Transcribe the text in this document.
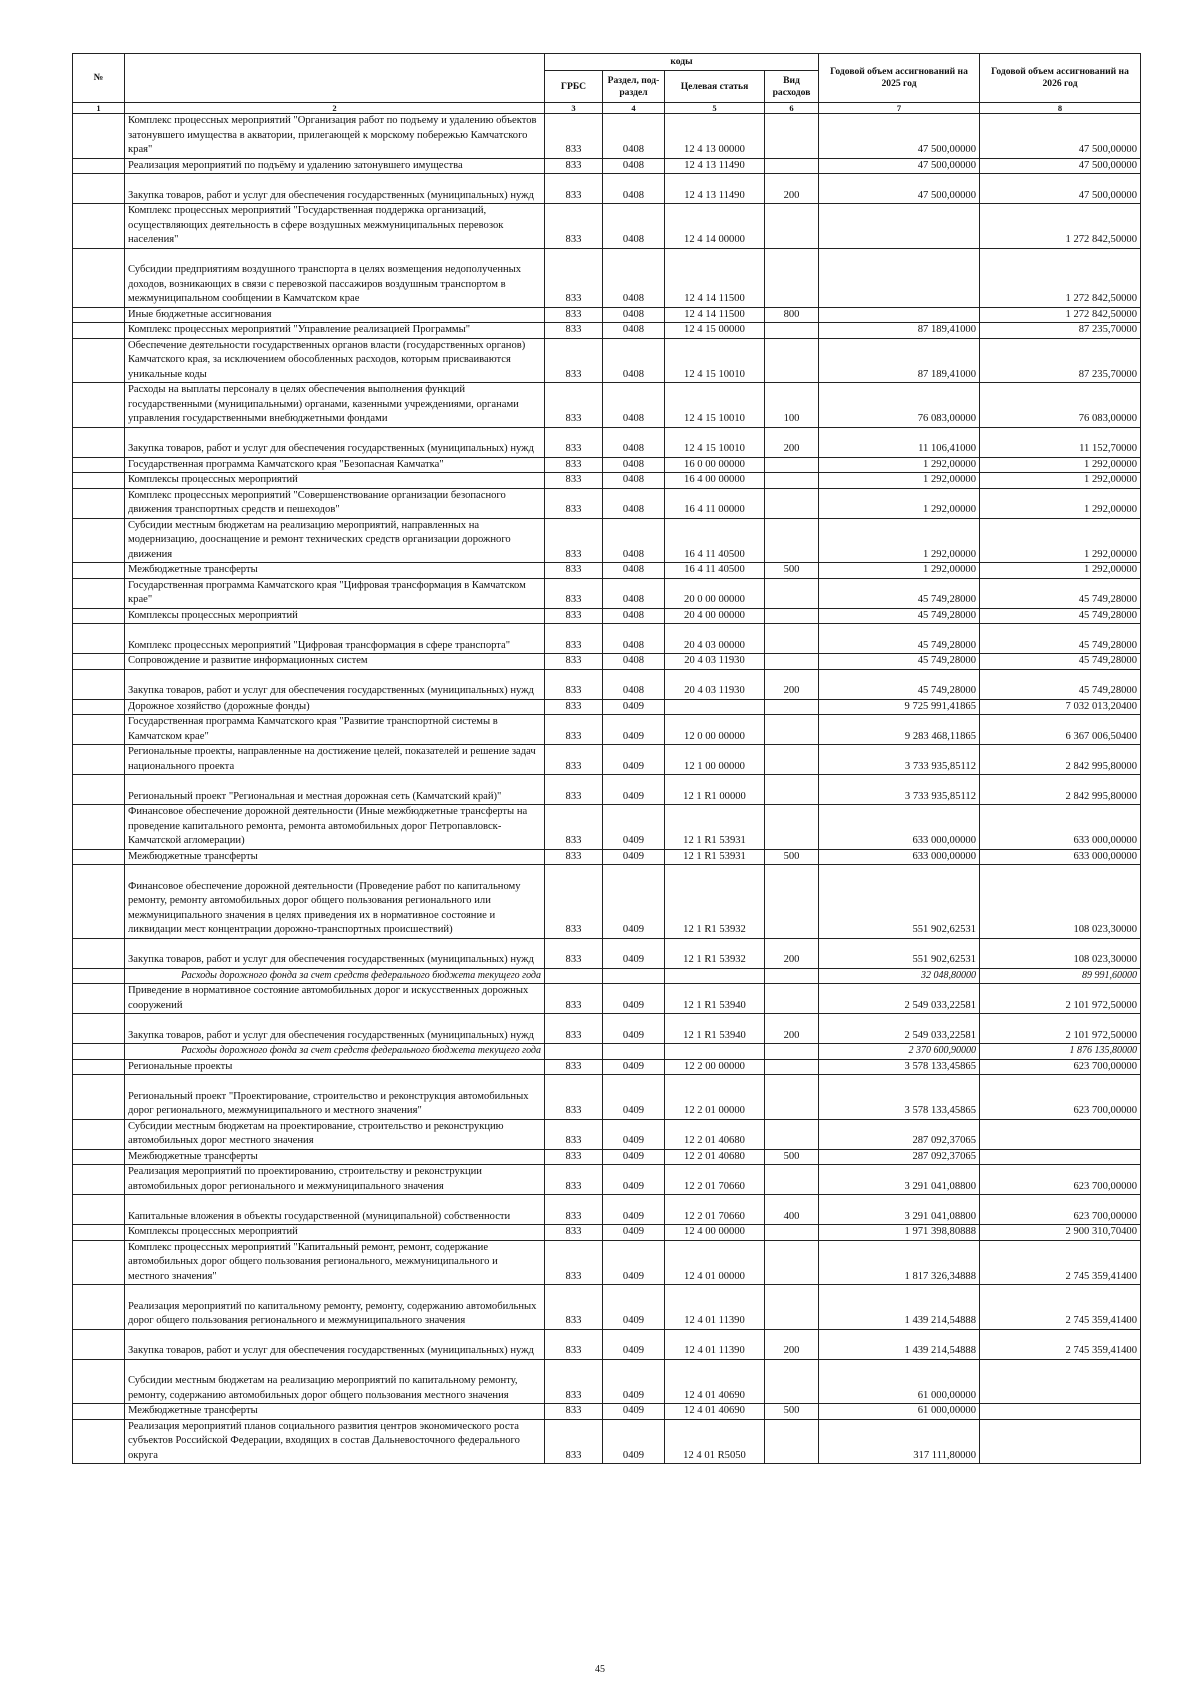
№		коды				Годовой объем ассигнований на 2025 год	Годовой объем ассигнований на 2026 год
		ГРБС	Раздел, под-раздел	Целевая статья	Вид расходов		
1	2	3	4	5	6	7	8
	Комплекс процессных мероприятий "Организация работ по подъему и удалению объектов затонувшего имущества в акватории, прилегающей к морскому побережью Камчатского края"	833	0408	12 4 13 00000		47 500,00000	47 500,00000
	Реализация мероприятий по подъёму и удалению затонувшего имущества	833	0408	12 4 13 11490		47 500,00000	47 500,00000
	Закупка товаров, работ и услуг для обеспечения государственных (муниципальных) нужд	833	0408	12 4 13 11490	200	47 500,00000	47 500,00000
	Комплекс процессных мероприятий "Государственная поддержка организаций, осуществляющих деятельность в сфере воздушных межмуниципальных перевозок населения"	833	0408	12 4 14 00000			1 272 842,50000
	Субсидии предприятиям воздушного транспорта в целях возмещения недополученных доходов, возникающих в связи с перевозкой пассажиров воздушным транспортом в межмуниципальном сообщении в Камчатском крае	833	0408	12 4 14 11500			1 272 842,50000
	Иные бюджетные ассигнования	833	0408	12 4 14 11500	800		1 272 842,50000
	Комплекс процессных мероприятий "Управление реализацией Программы"	833	0408	12 4 15 00000		87 189,41000	87 235,70000
	Обеспечение деятельности государственных органов власти (государственных органов) Камчатского края, за исключением обособленных расходов, которым присваиваются уникальные коды	833	0408	12 4 15 10010		87 189,41000	87 235,70000
	Расходы на выплаты персоналу в целях обеспечения выполнения функций государственными (муниципальными) органами, казенными учреждениями, органами управления государственными внебюджетными фондами	833	0408	12 4 15 10010	100	76 083,00000	76 083,00000
	Закупка товаров, работ и услуг для обеспечения государственных (муниципальных) нужд	833	0408	12 4 15 10010	200	11 106,41000	11 152,70000
	Государственная программа Камчатского края "Безопасная Камчатка"	833	0408	16 0 00 00000		1 292,00000	1 292,00000
	Комплексы процессных мероприятий	833	0408	16 4 00 00000		1 292,00000	1 292,00000
	Комплекс процессных мероприятий "Совершенствование организации безопасного движения транспортных средств и пешеходов"	833	0408	16 4 11 00000		1 292,00000	1 292,00000
	Субсидии местным бюджетам на реализацию мероприятий, направленных на модернизацию, дооснащение и ремонт технических средств организации дорожного движения	833	0408	16 4 11 40500		1 292,00000	1 292,00000
	Межбюджетные трансферты	833	0408	16 4 11 40500	500	1 292,00000	1 292,00000
	Государственная программа Камчатского края "Цифровая трансформация в Камчатском крае"	833	0408	20 0 00 00000		45 749,28000	45 749,28000
	Комплексы процессных мероприятий	833	0408	20 4 00 00000		45 749,28000	45 749,28000
	Комплекс процессных мероприятий "Цифровая трансформация в сфере транспорта"	833	0408	20 4 03 00000		45 749,28000	45 749,28000
	Сопровождение и развитие информационных систем	833	0408	20 4 03 11930		45 749,28000	45 749,28000
	Закупка товаров, работ и услуг для обеспечения государственных (муниципальных) нужд	833	0408	20 4 03 11930	200	45 749,28000	45 749,28000
	Дорожное хозяйство (дорожные фонды)	833	0409			9 725 991,41865	7 032 013,20400
	Государственная программа Камчатского края "Развитие транспортной системы в Камчатском крае"	833	0409	12 0 00 00000		9 283 468,11865	6 367 006,50400
	Региональные проекты, направленные на достижение целей, показателей и решение задач национального проекта	833	0409	12 1 00 00000		3 733 935,85112	2 842 995,80000
	Региональный проект "Региональная и местная дорожная сеть (Камчатский край)"	833	0409	12 1 R1 00000		3 733 935,85112	2 842 995,80000
	Финансовое обеспечение дорожной деятельности (Иные межбюджетные трансферты на проведение капитального ремонта, ремонта автомобильных дорог Петропавловск-Камчатской агломерации)	833	0409	12 1 R1 53931		633 000,00000	633 000,00000
	Межбюджетные трансферты	833	0409	12 1 R1 53931	500	633 000,00000	633 000,00000
	Финансовое обеспечение дорожной деятельности (Проведение работ по капитальному ремонту, ремонту автомобильных дорог общего пользования регионального или межмуниципального значения в целях приведения их в нормативное состояние и ликвидации мест концентрации дорожно-транспортных происшествий)	833	0409	12 1 R1 53932		551 902,62531	108 023,30000
	Закупка товаров, работ и услуг для обеспечения государственных (муниципальных) нужд	833	0409	12 1 R1 53932	200	551 902,62531	108 023,30000
	Расходы дорожного фонда за счет средств федерального бюджета текущего года					32 048,80000	89 991,60000
	Приведение в нормативное состояние автомобильных дорог и искусственных дорожных сооружений	833	0409	12 1 R1 53940		2 549 033,22581	2 101 972,50000
	Закупка товаров, работ и услуг для обеспечения государственных (муниципальных) нужд	833	0409	12 1 R1 53940	200	2 549 033,22581	2 101 972,50000
	Расходы дорожного фонда за счет средств федерального бюджета текущего года					2 370 600,90000	1 876 135,80000
	Региональные проекты	833	0409	12 2 00 00000		3 578 133,45865	623 700,00000
	Региональный проект "Проектирование, строительство и реконструкция автомобильных дорог регионального, межмуниципального и местного значения"	833	0409	12 2 01 00000		3 578 133,45865	623 700,00000
	Субсидии местным бюджетам на проектирование, строительство и реконструкцию автомобильных дорог местного значения	833	0409	12 2 01 40680		287 092,37065	
	Межбюджетные трансферты	833	0409	12 2 01 40680	500	287 092,37065	
	Реализация мероприятий по проектированию, строительству и реконструкции автомобильных дорог регионального и межмуниципального значения	833	0409	12 2 01 70660		3 291 041,08800	623 700,00000
	Капитальные вложения в объекты государственной (муниципальной) собственности	833	0409	12 2 01 70660	400	3 291 041,08800	623 700,00000
	Комплексы процессных мероприятий	833	0409	12 4 00 00000		1 971 398,80888	2 900 310,70400
	Комплекс процессных мероприятий "Капитальный ремонт, ремонт, содержание автомобильных дорог общего пользования регионального, межмуниципального и местного значения"	833	0409	12 4 01 00000		1 817 326,34888	2 745 359,41400
	Реализация мероприятий по капитальному ремонту, ремонту, содержанию автомобильных дорог общего пользования регионального и межмуниципального значения	833	0409	12 4 01 11390		1 439 214,54888	2 745 359,41400
	Закупка товаров, работ и услуг для обеспечения государственных (муниципальных) нужд	833	0409	12 4 01 11390	200	1 439 214,54888	2 745 359,41400
	Субсидии местным бюджетам на реализацию мероприятий по капитальному ремонту, ремонту, содержанию автомобильных дорог общего пользования местного значения	833	0409	12 4 01 40690		61 000,00000	
	Межбюджетные трансферты	833	0409	12 4 01 40690	500	61 000,00000	
	Реализация мероприятий планов социального развития центров экономического роста субъектов Российской Федерации, входящих в состав Дальневосточного федерального округа	833	0409	12 4 01 R5050		317 111,80000	
45
